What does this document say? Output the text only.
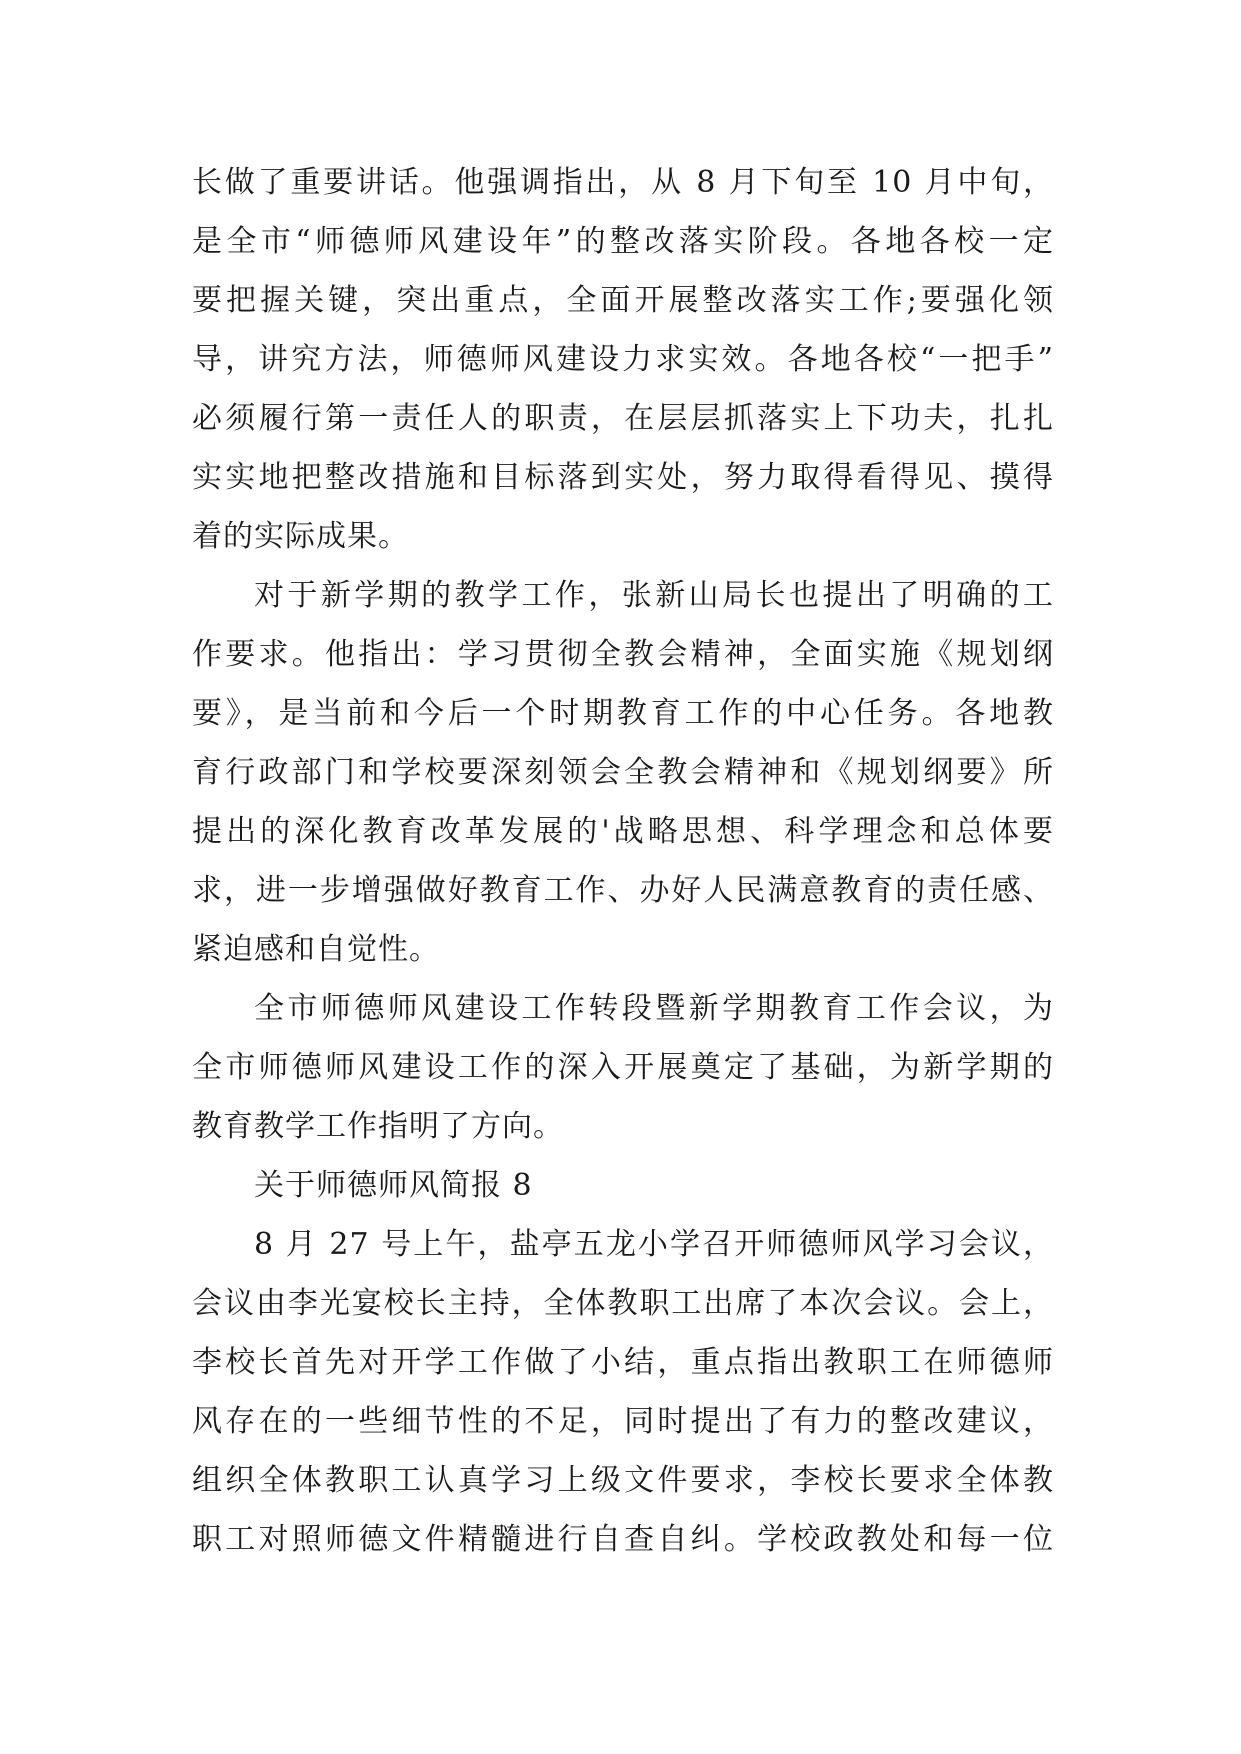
长做了重要讲话。他强调指出，从 8 月下旬至 10 月中旬，
是全市“师德师风建设年”的整改落实阶段。各地各校一定
要把握关键，突出重点，全面开展整改落实工作;要强化领
导，讲究方法，师德师风建设力求实效。各地各校“一把手”
必须履行第一责任人的职责，在层层抓落实上下功夫，扎扎
实实地把整改措施和目标落到实处，努力取得看得见、摸得
着的实际成果。
对于新学期的教学工作，张新山局长也提出了明确的工
作要求。他指出：学习贯彻全教会精神，全面实施《规划纲
要》，是当前和今后一个时期教育工作的中心任务。各地教
育行政部门和学校要深刻领会全教会精神和《规划纲要》所
提出的深化教育改革发展的'战略思想、科学理念和总体要
求，进一步增强做好教育工作、办好人民满意教育的责任感、
紧迫感和自觉性。
全市师德师风建设工作转段暨新学期教育工作会议，为
全市师德师风建设工作的深入开展奠定了基础，为新学期的
教育教学工作指明了方向。
关于师德师风简报 8
8 月 27 号上午，盐亭五龙小学召开师德师风学习会议，
会议由李光宴校长主持，全体教职工出席了本次会议。会上，
李校长首先对开学工作做了小结，重点指出教职工在师德师
风存在的一些细节性的不足，同时提出了有力的整改建议，
组织全体教职工认真学习上级文件要求，李校长要求全体教
职工对照师德文件精髓进行自查自纠。学校政教处和每一位
